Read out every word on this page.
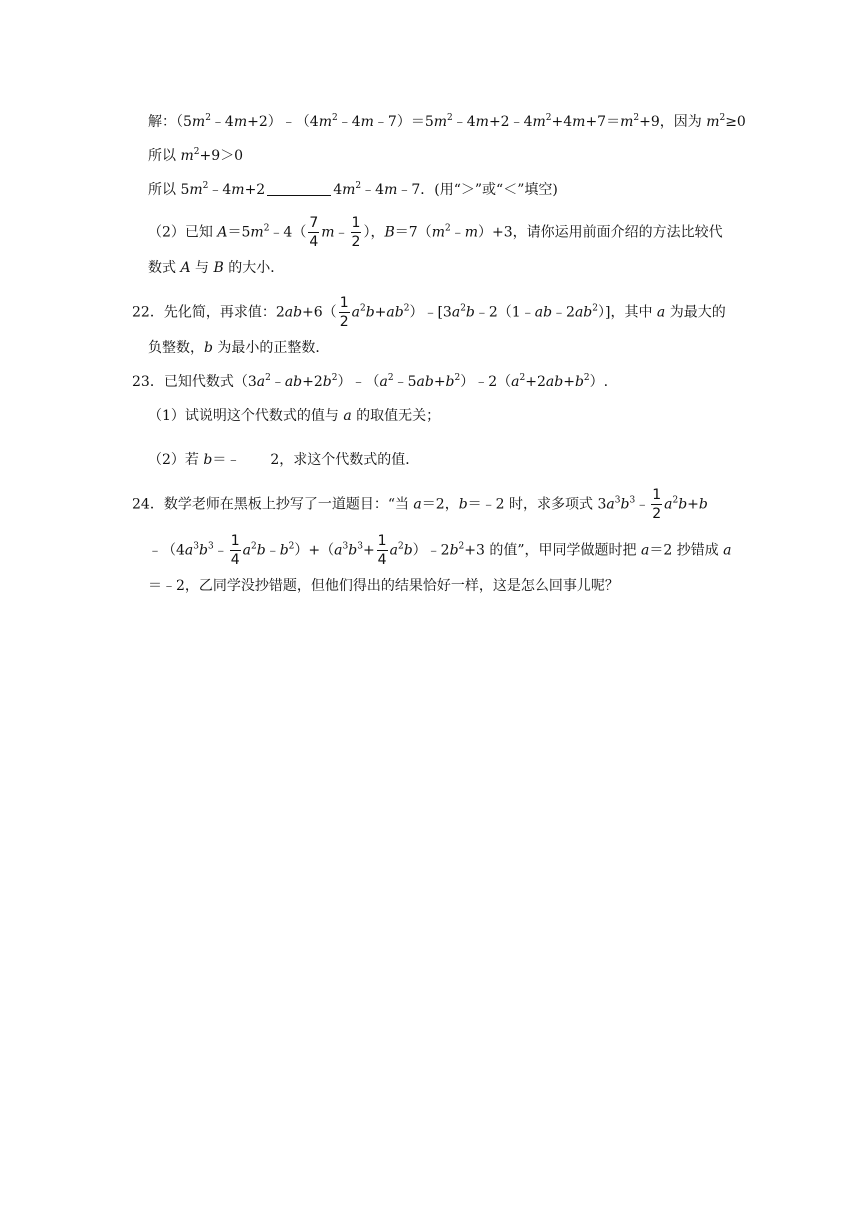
解：$(5m^2﹣4m+2)﹣(4m^2﹣4m﹣7)=5m^2﹣4m+2﹣4m^2+4m+7=m^2+9$，因为 $m^2\ge 0$
所以 $m^2+9>0$
所以 $5m^2﹣4m+2$	$4m^2﹣4m﹣7$．(用“＞”或“＜”填空)
（2）已知 $A=5m^2﹣4( \frac{7}{4}$ m﹣ $\frac{1}{2}$ ），$B=7(m^2﹣m)+3$，请你运用前面介绍的方法比较代
数式 A 与 B 的大小．
22．先化简，再求值：$2ab+6( \frac{1}{2}$ $a^2b+ab^2)﹣[3a^2b﹣2(1﹣ab﹣2ab^2)]$，其中 a 为最大的
负整数，b 为最小的正整数．
23．已知代数式$(3a^2﹣ab+2b^2)﹣(a^2﹣5ab+b^2)﹣2(a^2+2ab+b^2)$.
（1）试说明这个代数式的值与 a 的取值无关；
（2）若 b＝﹣ 2，求这个代数式的值．
24．数学老师在黑板上抄写了一道题目：“当 a＝2，b＝﹣2 时，求多项式 $3a^3b^3﹣ \frac{1}{2} a^2b+b$
$﹣(4a^3b^3﹣ \frac{1}{4}$ $a^2b﹣b^2)+(a^3b^3+ \frac{1}{4}$ $a^2b)﹣2b^2+3$ 的值”，甲同学做题时把 a＝2 抄错成 a
＝﹣2，乙同学没抄错题，但他们得出的结果恰好一样，这是怎么回事儿呢？
